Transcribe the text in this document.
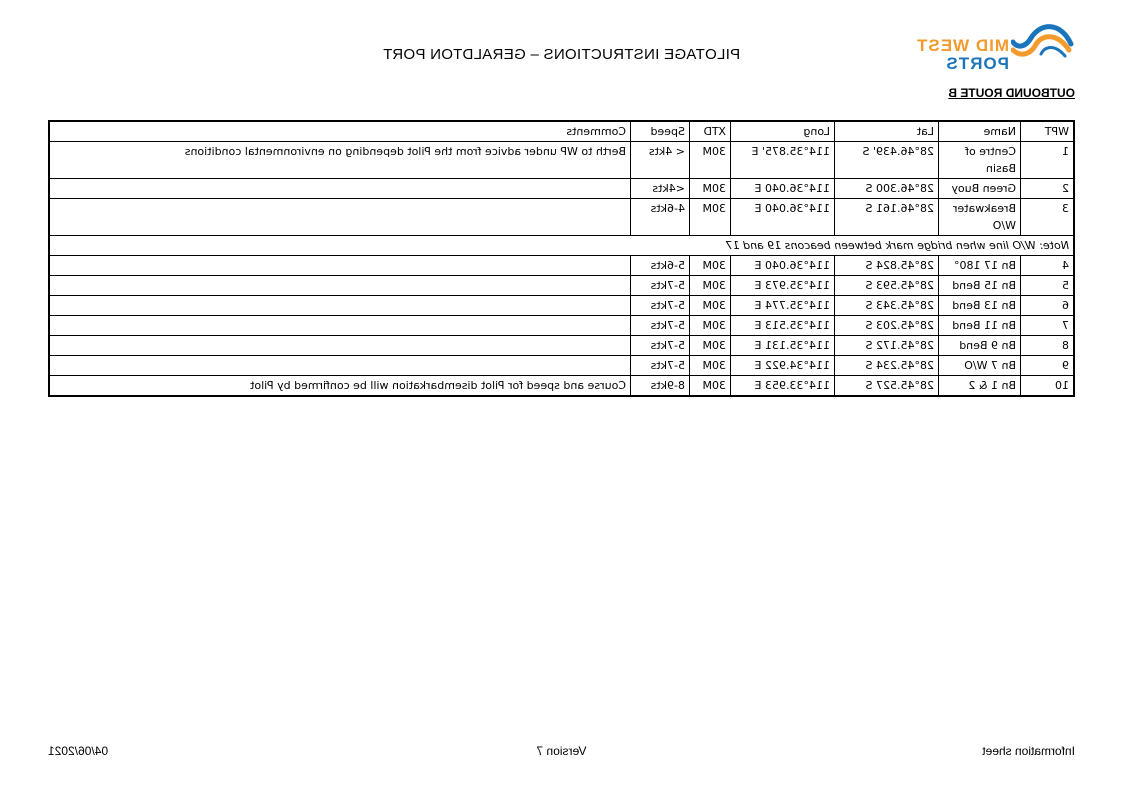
MID WEST
PORTS
PILOTAGE INSTRUCTIONS – GERALDTON PORT
OUTBOUND ROUTE B
WPT	Name	Lat	Long	XTD	Speed	Comments
1	Centre of Basin	28°46.439' S	114°35.875' E	30M	< 4kts	Berth to WP under advice from the Pilot depending on environmental conditions
2	Green Buoy	28°46.300 S	114°36.040 E	30M	<4kts	
3	Breakwater W/O	28°46.161 S	114°36.040 E	30M	4-6kts	
Note: W/O line when bridge mark between beacons 19 and 17						
4	Bn 17 180°	28°45.824 S	114°36.040 E	30M	5-6kts	
5	Bn 15 Bend	28°45.593 S	114°35.973 E	30M	5-7kts	
6	Bn 13 Bend	28°45.343 S	114°35.774 E	30M	5-7kts	
7	Bn 11 Bend	28°45.203 S	114°35.513 E	30M	5-7kts	
8	Bn 9 Bend	28°45.172 S	114°35.131 E	30M	5-7kts	
9	Bn 7 W/O	28°45.234 S	114°34.922 E	30M	5-7kts	
10	Bn 1 & 2	28°45.527 S	114°33.953 E	30M	8-9kts	Course and speed for Pilot disembarkation will be confirmed by Pilot
Information sheet
Version 7
04/06/2021
